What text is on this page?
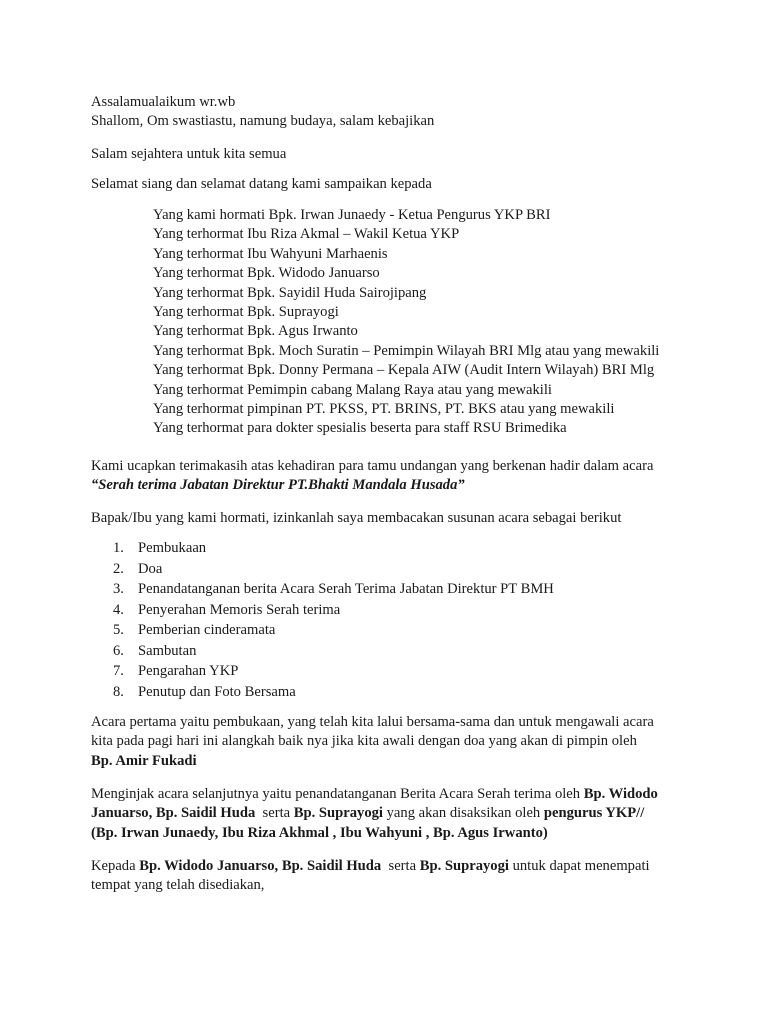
Assalamualaikum wr.wb
Shallom, Om swastiastu, namung budaya, salam kebajikan
Salam sejahtera untuk kita semua
Selamat siang dan selamat datang kami sampaikan kepada
Yang kami hormati Bpk. Irwan Junaedy - Ketua Pengurus YKP BRI
Yang terhormat Ibu Riza Akmal – Wakil Ketua YKP
Yang terhormat Ibu Wahyuni Marhaenis
Yang terhormat Bpk. Widodo Januarso
Yang terhormat Bpk. Sayidil Huda Sairojipang
Yang terhormat Bpk. Suprayogi
Yang terhormat Bpk. Agus Irwanto
Yang terhormat Bpk. Moch Suratin – Pemimpin Wilayah BRI Mlg atau yang mewakili
Yang terhormat Bpk. Donny Permana – Kepala AIW (Audit Intern Wilayah) BRI Mlg
Yang terhormat Pemimpin cabang Malang Raya atau yang mewakili
Yang terhormat pimpinan PT. PKSS, PT. BRINS, PT. BKS atau yang mewakili
Yang terhormat para dokter spesialis beserta para staff RSU Brimedika
Kami ucapkan terimakasih atas kehadiran para tamu undangan yang berkenan hadir dalam acara
“Serah terima Jabatan Direktur PT.Bhakti Mandala Husada”
Bapak/Ibu yang kami hormati, izinkanlah saya membacakan susunan acara sebagai berikut
1. Pembukaan
2. Doa
3. Penandatanganan berita Acara Serah Terima Jabatan Direktur PT BMH
4. Penyerahan Memoris Serah terima
5. Pemberian cinderamata
6. Sambutan
7. Pengarahan YKP
8. Penutup dan Foto Bersama
Acara pertama yaitu pembukaan, yang telah kita lalui bersama-sama dan untuk mengawali acara
kita pada pagi hari ini alangkah baik nya jika kita awali dengan doa yang akan di pimpin oleh
Bp. Amir Fukadi
Menginjak acara selanjutnya yaitu penandatanganan Berita Acara Serah terima oleh Bp. Widodo
Januarso, Bp. Saidil Huda  serta Bp. Suprayogi yang akan disaksikan oleh pengurus YKP//
(Bp. Irwan Junaedy, Ibu Riza Akhmal , Ibu Wahyuni , Bp. Agus Irwanto)
Kepada Bp. Widodo Januarso, Bp. Saidil Huda  serta Bp. Suprayogi untuk dapat menempati
tempat yang telah disediakan,
